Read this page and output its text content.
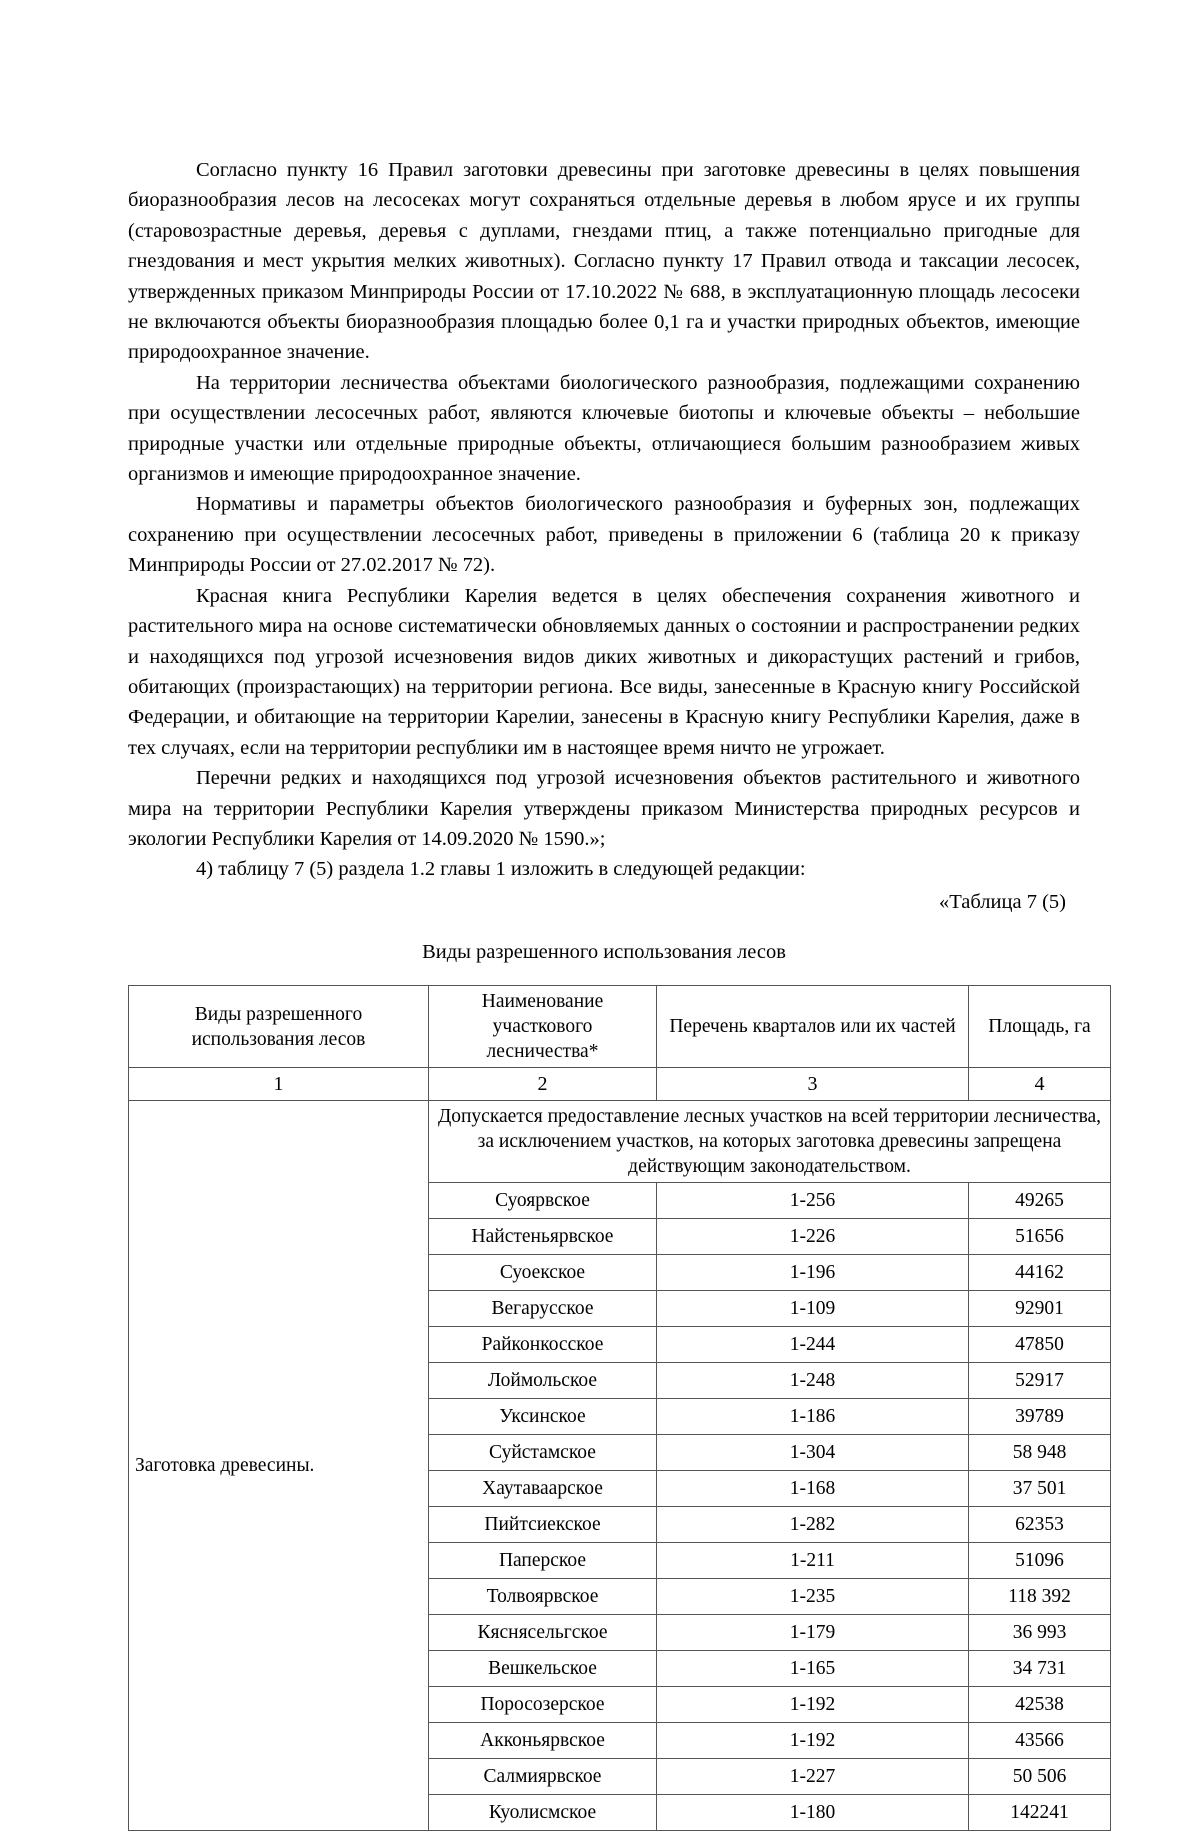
Согласно пункту 16 Правил заготовки древесины при заготовке древесины в целях повышения биоразнообразия лесов на лесосеках могут сохраняться отдельные деревья в любом ярусе и их группы (старовозрастные деревья, деревья с дуплами, гнездами птиц, а также потенциально пригодные для гнездования и мест укрытия мелких животных). Согласно пункту 17 Правил отвода и таксации лесосек, утвержденных приказом Минприроды России от 17.10.2022 № 688, в эксплуатационную площадь лесосеки не включаются объекты биоразнообразия площадью более 0,1 га и участки природных объектов, имеющие природоохранное значение.

На территории лесничества объектами биологического разнообразия, подлежащими сохранению при осуществлении лесосечных работ, являются ключевые биотопы и ключевые объекты – небольшие природные участки или отдельные природные объекты, отличающиеся большим разнообразием живых организмов и имеющие природоохранное значение.

Нормативы и параметры объектов биологического разнообразия и буферных зон, подлежащих сохранению при осуществлении лесосечных работ, приведены в приложении 6 (таблица 20 к приказу Минприроды России от 27.02.2017 № 72).

Красная книга Республики Карелия ведется в целях обеспечения сохранения животного и растительного мира на основе систематически обновляемых данных о состоянии и распространении редких и находящихся под угрозой исчезновения видов диких животных и дикорастущих растений и грибов, обитающих (произрастающих) на территории региона. Все виды, занесенные в Красную книгу Российской Федерации, и обитающие на территории Карелии, занесены в Красную книгу Республики Карелия, даже в тех случаях, если на территории республики им в настоящее время ничто не угрожает.

Перечни редких и находящихся под угрозой исчезновения объектов растительного и животного мира на территории Республики Карелия утверждены приказом Министерства природных ресурсов и экологии Республики Карелия от 14.09.2020 № 1590.»;

4) таблицу 7 (5) раздела 1.2 главы 1 изложить в следующей редакции:

«Таблица 7 (5)
Виды разрешенного использования лесов
Виды разрешенного использования лесов	Наименование участкового лесничества*	Перечень кварталов или их частей	Площадь, га
1	2	3	4
Заготовка древесины.	Допускается предоставление лесных участков на всей территории лесничества, за исключением участков, на которых заготовка древесины запрещена действующим законодательством.		
	Суоярвское	1-256	49265
	Найстеньярвское	1-226	51656
	Суоекское	1-196	44162
	Вегарусское	1-109	92901
	Райконкосское	1-244	47850
	Лоймольское	1-248	52917
	Уксинское	1-186	39789
	Суйстамское	1-304	58 948
	Хаутаваарское	1-168	37 501
	Пийтсиекское	1-282	62353
	Паперское	1-211	51096
	Толвоярвское	1-235	118 392
	Кяснясельгское	1-179	36 993
	Вешкельское	1-165	34 731
	Поросозерское	1-192	42538
	Акконьярвское	1-192	43566
	Салмиярвское	1-227	50 506
	Куолисмское	1-180	142241
